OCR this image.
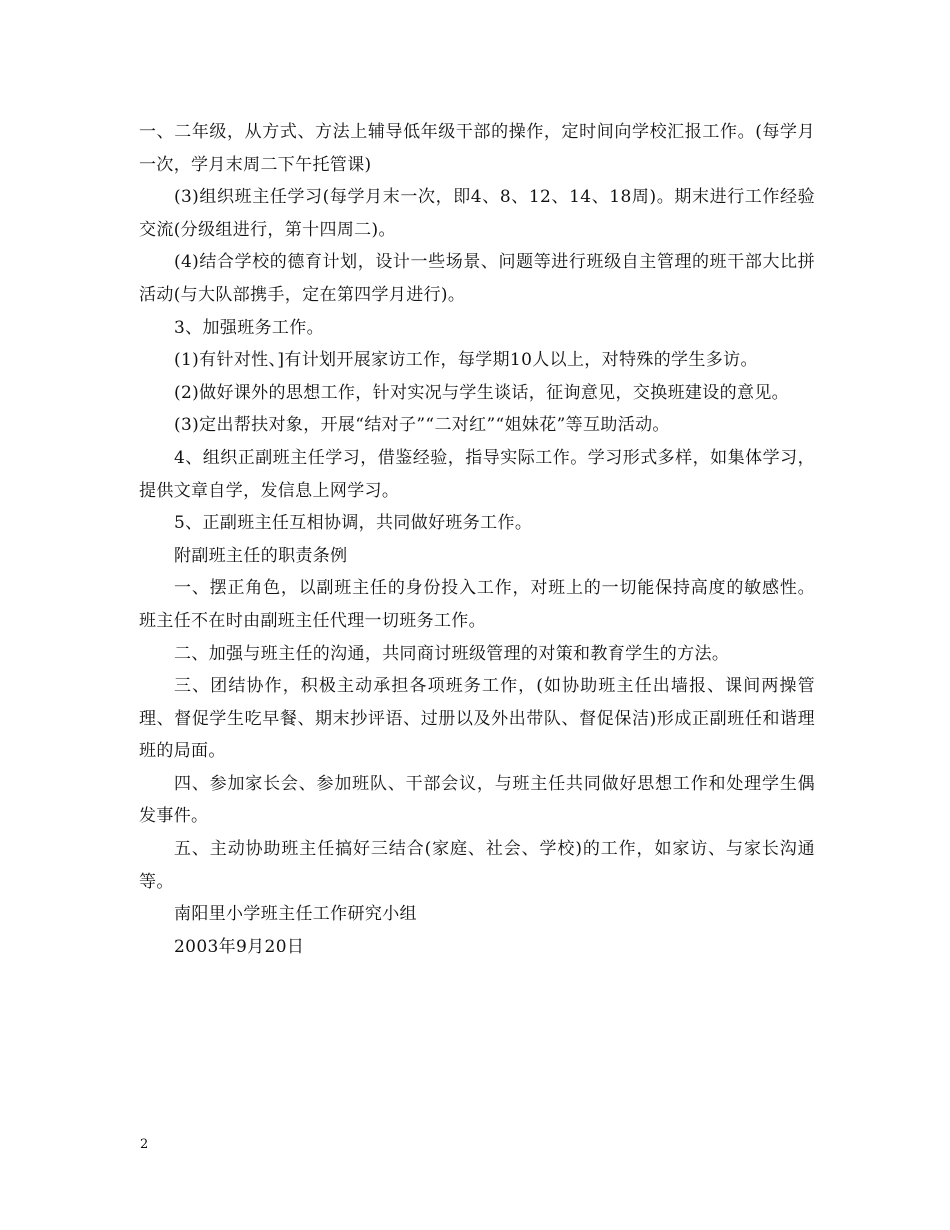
一、二年级，从方式、方法上辅导低年级干部的操作，定时间向学校汇报工作。(每学月一次，学月末周二下午托管课)

(3)组织班主任学习(每学月末一次，即4、8、12、14、18周)。期末进行工作经验交流(分级组进行，第十四周二)。

(4)结合学校的德育计划，设计一些场景、问题等进行班级自主管理的班干部大比拼活动(与大队部携手，定在第四学月进行)。

3、加强班务工作。

(1)有针对性、]有计划开展家访工作，每学期10人以上，对特殊的学生多访。

(2)做好课外的思想工作，针对实况与学生谈话，征询意见，交换班建设的意见。

(3)定出帮扶对象，开展“结对子”“二对红”“姐妹花”等互助活动。

4、组织正副班主任学习，借鉴经验，指导实际工作。学习形式多样，如集体学习，提供文章自学，发信息上网学习。

5、正副班主任互相协调，共同做好班务工作。

附副班主任的职责条例

一、摆正角色，以副班主任的身份投入工作，对班上的一切能保持高度的敏感性。班主任不在时由副班主任代理一切班务工作。

二、加强与班主任的沟通，共同商讨班级管理的对策和教育学生的方法。

三、团结协作，积极主动承担各项班务工作，(如协助班主任出墙报、课间两操管理、督促学生吃早餐、期末抄评语、过册以及外出带队、督促保洁)形成正副班任和谐理班的局面。

四、参加家长会、参加班队、干部会议，与班主任共同做好思想工作和处理学生偶发事件。

五、主动协助班主任搞好三结合(家庭、社会、学校)的工作，如家访、与家长沟通等。

南阳里小学班主任工作研究小组

2003年9月20日

2
